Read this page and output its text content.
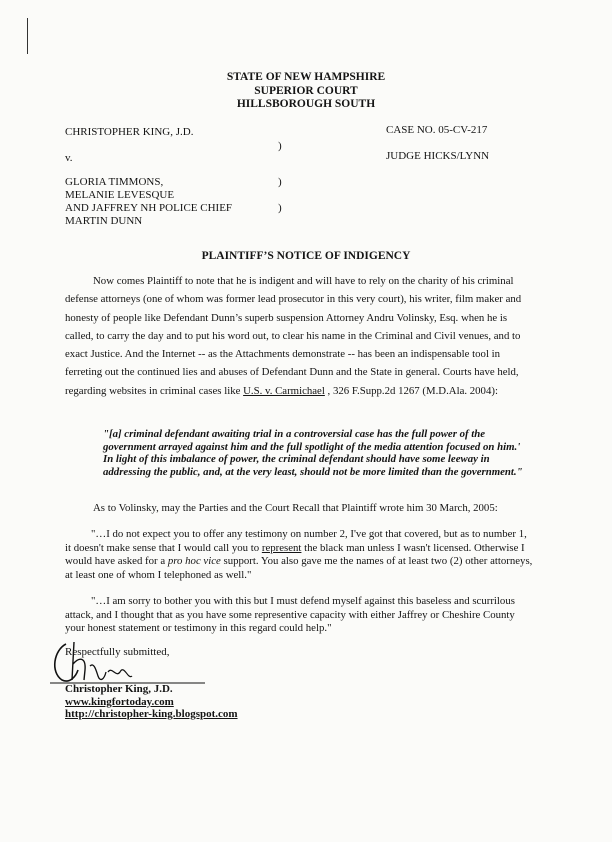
STATE OF NEW HAMPSHIRE
SUPERIOR COURT
HILLSBOROUGH SOUTH
CHRISTOPHER KING, J.D.	CASE NO. 05-CV-217
)
v.	JUDGE HICKS/LYNN
GLORIA TIMMONS,	)
MELANIE LEVESQUE
AND JAFFREY NH POLICE CHIEF	)
MARTIN DUNN
PLAINTIFF’S NOTICE OF INDIGENCY

Now comes Plaintiff to note that he is indigent and will have to rely on the charity of his criminal defense attorneys (one of whom was former lead prosecutor in this very court), his writer, film maker and honesty of people like Defendant Dunn’s superb suspension Attorney Andru Volinsky, Esq. when he is called, to carry the day and to put his word out, to clear his name in the Criminal and Civil venues, and to exact Justice. And the Internet -- as the Attachments demonstrate -- has been an indispensable tool in ferreting out the continued lies and abuses of Defendant Dunn and the State in general. Courts have held, regarding websites in criminal cases like U.S. v. Carmichael , 326 F.Supp.2d 1267 (M.D.Ala. 2004):

"[a] criminal defendant awaiting trial in a controversial case has the full power of the government arrayed against him and the full spotlight of the media attention focused on him.' In light of this imbalance of power, the criminal defendant should have some leeway in addressing the public, and, at the very least, should not be more limited than the government."
As to Volinsky, may the Parties and the Court Recall that Plaintiff wrote him 30 March, 2005:

"…I do not expect you to offer any testimony on number 2, I've got that covered, but as to number 1, it doesn't make sense that I would call you to represent the black man unless I wasn't licensed. Otherwise I would have asked for a pro hoc vice support. You also gave me the names of at least two (2) other attorneys, at least one of whom I telephoned as well."

"…I am sorry to bother you with this but I must defend myself against this baseless and scurrilous attack, and I thought that as you have some representive capacity with either Jaffrey or Cheshire County your honest statement or testimony in this regard could help."

Respectfully submitted,
Christopher King, J.D.
www.kingfortoday.com
http://christopher-king.blogspot.com
